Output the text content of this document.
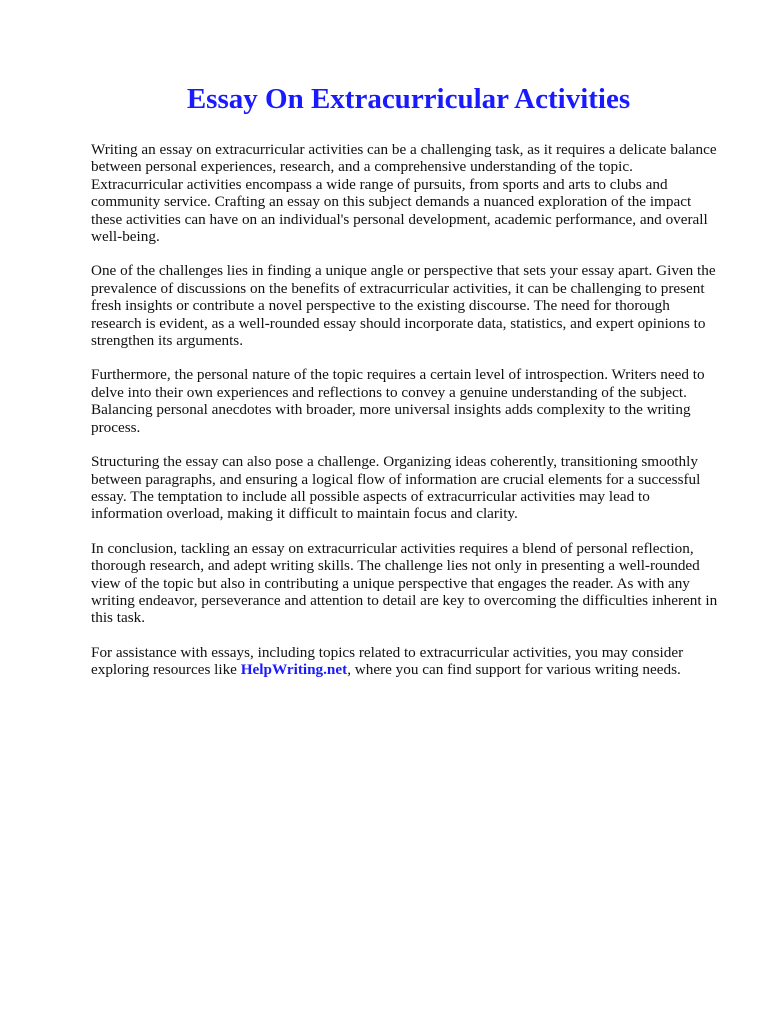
Essay On Extracurricular Activities

Writing an essay on extracurricular activities can be a challenging task, as it requires a delicate balance between personal experiences, research, and a comprehensive understanding of the topic. Extracurricular activities encompass a wide range of pursuits, from sports and arts to clubs and community service. Crafting an essay on this subject demands a nuanced exploration of the impact these activities can have on an individual's personal development, academic performance, and overall well-being.

One of the challenges lies in finding a unique angle or perspective that sets your essay apart. Given the prevalence of discussions on the benefits of extracurricular activities, it can be challenging to present fresh insights or contribute a novel perspective to the existing discourse. The need for thorough research is evident, as a well-rounded essay should incorporate data, statistics, and expert opinions to strengthen its arguments.

Furthermore, the personal nature of the topic requires a certain level of introspection. Writers need to delve into their own experiences and reflections to convey a genuine understanding of the subject. Balancing personal anecdotes with broader, more universal insights adds complexity to the writing process.

Structuring the essay can also pose a challenge. Organizing ideas coherently, transitioning smoothly between paragraphs, and ensuring a logical flow of information are crucial elements for a successful essay. The temptation to include all possible aspects of extracurricular activities may lead to information overload, making it difficult to maintain focus and clarity.

In conclusion, tackling an essay on extracurricular activities requires a blend of personal reflection, thorough research, and adept writing skills. The challenge lies not only in presenting a well-rounded view of the topic but also in contributing a unique perspective that engages the reader. As with any writing endeavor, perseverance and attention to detail are key to overcoming the difficulties inherent in this task.

For assistance with essays, including topics related to extracurricular activities, you may consider exploring resources like HelpWriting.net, where you can find support for various writing needs.
